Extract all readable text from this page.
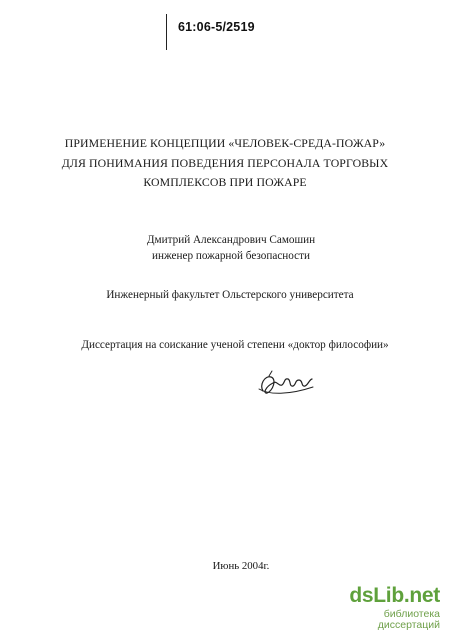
61:06-5/2519
ПРИМЕНЕНИЕ КОНЦЕПЦИИ «ЧЕЛОВЕК-СРЕДА-ПОЖАР»
ДЛЯ ПОНИМАНИЯ ПОВЕДЕНИЯ ПЕРСОНАЛА ТОРГОВЫХ
КОМПЛЕКСОВ ПРИ ПОЖАРЕ
Дмитрий Александрович Самошин
инженер пожарной безопасности
Инженерный факультет Ольстерского университета
Диссертация на соискание ученой степени «доктор философии»
Июнь 2004г.
dsLib.net
библиотека диссертаций
